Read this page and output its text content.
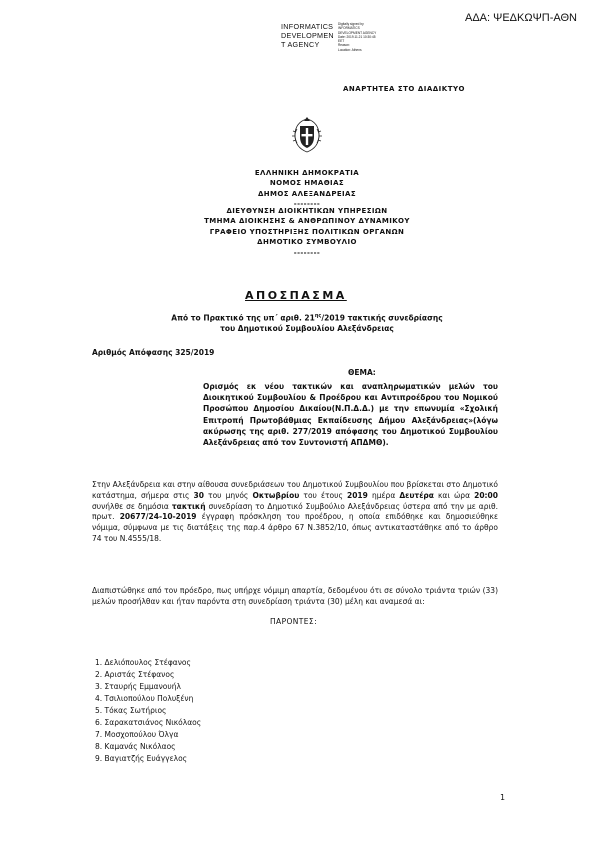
ΑΔΑ: ΨΕΔΚΩΨΠ-ΑΘΝ
INFORMATICS
DEVELOPMEN
T AGENCY
Digitally signed by
INFORMATICS
DEVELOPMENT AGENCY
Date: 2019.11.21 10:30:45
EET
Reason:
Location: Athens
ΑΝΑΡΤΗΤΕΑ ΣΤΟ ΔΙΑΔΙΚΤΥΟ
ΕΛΛΗΝΙΚΗ ΔΗΜΟΚΡΑΤΙΑ
ΝΟΜΟΣ ΗΜΑΘΙΑΣ
ΔΗΜΟΣ ΑΛΕΞΑΝΔΡΕΙΑΣ
--------
ΔΙΕΥΘΥΝΣΗ ΔΙΟΙΚΗΤΙΚΩΝ ΥΠΗΡΕΣΙΩΝ
ΤΜΗΜΑ ΔΙΟΙΚΗΣΗΣ & ΑΝΘΡΩΠΙΝΟΥ ΔΥΝΑΜΙΚΟΥ
ΓΡΑΦΕΙΟ ΥΠΟΣΤΗΡΙΞΗΣ ΠΟΛΙΤΙΚΩΝ ΟΡΓΑΝΩΝ
ΔΗΜΟΤΙΚΟ ΣΥΜΒΟΥΛΙΟ
--------
ΑΠΟΣΠΑΣΜΑ
Από το Πρακτικό της υπ΄ αριθ. $21^{\eta\varsigma}/2019$ τακτικής συνεδρίασης
του Δημοτικού Συμβουλίου Αλεξάνδρειας
Αριθμός Απόφασης 325/2019
ΘΕΜΑ:
Ορισμός εκ νέου τακτικών και αναπληρωματικών μελών του Διοικητικού Συμβουλίου & Προέδρου και Αντιπροέδρου του Νομικού Προσώπου Δημοσίου Δικαίου(Ν.Π.Δ.Δ.) με την επωνυμία «Σχολική Επιτροπή Πρωτοβάθμιας Εκπαίδευσης Δήμου Αλεξάνδρειας»(λόγω ακύρωσης της αριθ. 277/2019 απόφασης του Δημοτικού Συμβουλίου Αλεξάνδρειας από τον Συντονιστή ΑΠΔΜΘ).
Στην Αλεξάνδρεια και στην αίθουσα συνεδριάσεων του Δημοτικού Συμβουλίου που βρίσκεται στο Δημοτικό κατάστημα, σήμερα στις 30 του μηνός Οκτωβρίου του έτους 2019 ημέρα Δευτέρα και ώρα 20:00 συνήλθε σε δημόσια τακτική συνεδρίαση το Δημοτικό Συμβούλιο Αλεξάνδρειας ύστερα από την με αριθ. πρωτ. 20677/24-10-2019 έγγραφη πρόσκληση του προέδρου, η οποία επιδόθηκε και δημοσιεύθηκε νόμιμα, σύμφωνα με τις διατάξεις της παρ.4 άρθρο 67 Ν.3852/10, όπως αντικαταστάθηκε από το άρθρο 74 του Ν.4555/18.
Διαπιστώθηκε από τον πρόεδρο, πως υπήρχε νόμιμη απαρτία, δεδομένου ότι σε σύνολο τριάντα τριών (33) μελών προσήλθαν και ήταν παρόντα στη συνεδρίαση τριάντα (30) μέλη και αναμεσά αι:
ΠΑΡΟΝΤΕΣ:
1. Δελιόπουλος Στέφανος
2. Αριστάς Στέφανος
3. Σταυρής Εμμανουήλ
4. Τσιλιοπούλου Πολυξένη
5. Τόκας Σωτήριος
6. Σαρακατσιάνος Νικόλαος
7. Μοσχοπούλου Όλγα
8. Καμανάς Νικόλαος
9. Βαγιατζής Ευάγγελος
1
